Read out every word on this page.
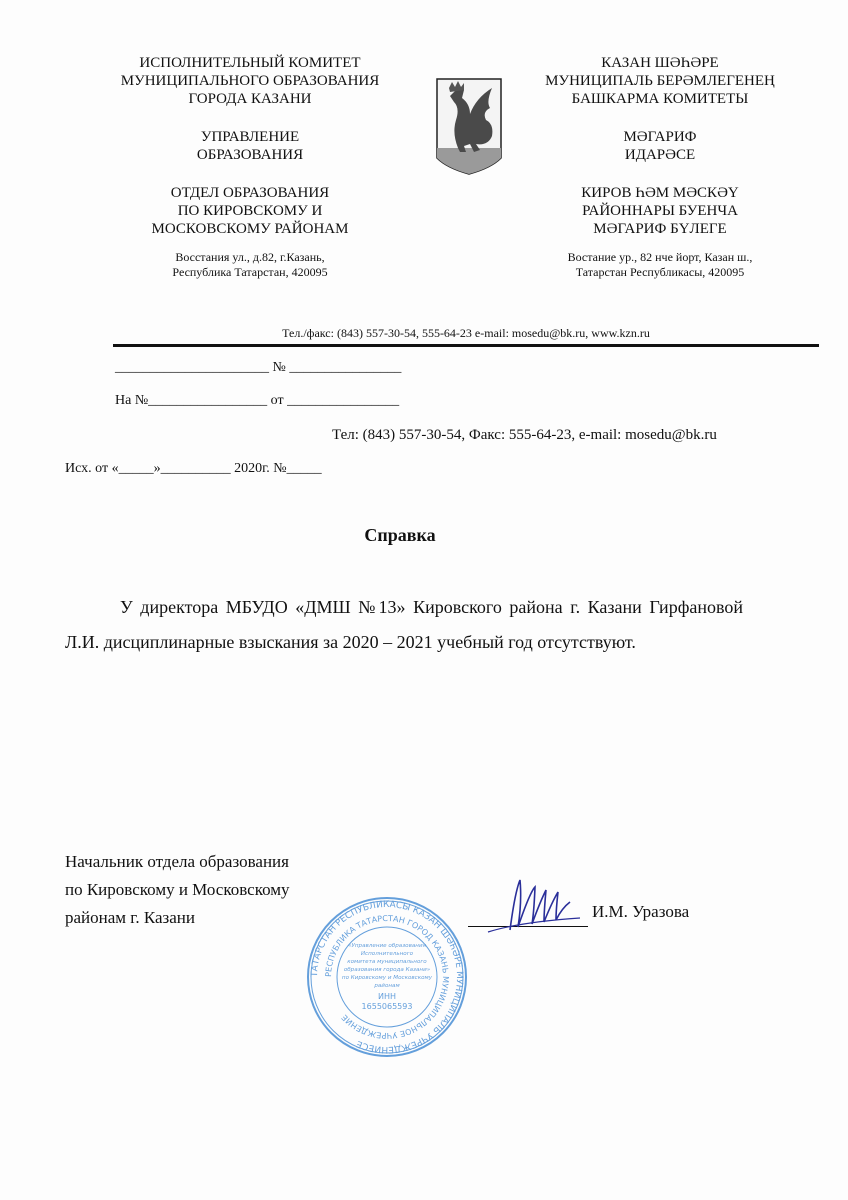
ИСПОЛНИТЕЛЬНЫЙ КОМИТЕТ
МУНИЦИПАЛЬНОГО ОБРАЗОВАНИЯ
ГОРОДА КАЗАНИ
УПРАВЛЕНИЕ
ОБРАЗОВАНИЯ
ОТДЕЛ ОБРАЗОВАНИЯ
ПО КИРОВСКОМУ И
МОСКОВСКОМУ РАЙОНАМ
Восстания ул., д.82, г.Казань,
Республика Татарстан, 420095
КАЗАН ШӘҺӘРЕ
МУНИЦИПАЛЬ БЕРӘМЛЕГЕНЕҢ
БАШКАРМА КОМИТЕТЫ
МӘГАРИФ
ИДАРӘСЕ
КИРОВ ҺӘМ МӘСКӘҮ
РАЙОННАРЫ БУЕНЧА
МӘГАРИФ БҮЛЕГЕ
Востание ур., 82 нче йорт, Казан ш.,
Татарстан Республикасы, 420095
Тел./факс: (843) 557-30-54, 555-64-23 e-mail: mosedu@bk.ru, www.kzn.ru
______________________ № ________________
На №_________________ от ________________
Тел: (843) 557-30-54, Факс: 555-64-23, e-mail: mosedu@bk.ru
Исх. от «_____»__________ 2020г. №_____
Справка
У директора МБУДО «ДМШ №13» Кировского района г. Казани Гирфановой Л.И. дисциплинарные взыскания за 2020 – 2021 учебный год отсутствуют.
Начальник отдела образования
по Кировскому и Московскому
районам г. Казани	И.М. Уразова
ТАТАРСТАН РЕСПУБЛИКАСЫ КАЗАН ШӘҺӘРЕ МУНИЦИПАЛЬ УЧРЕЖДЕНИЕСЕ
РЕСПУБЛИКА ТАТАРСТАН ГОРОД КАЗАНЬ МУНИЦИПАЛЬНОЕ УЧРЕЖДЕНИЕ
«Управление образования
Исполнительного
комитета муниципального
образования города Казани»
по Кировскому и Московскому
районам
ИНН
1655065593
